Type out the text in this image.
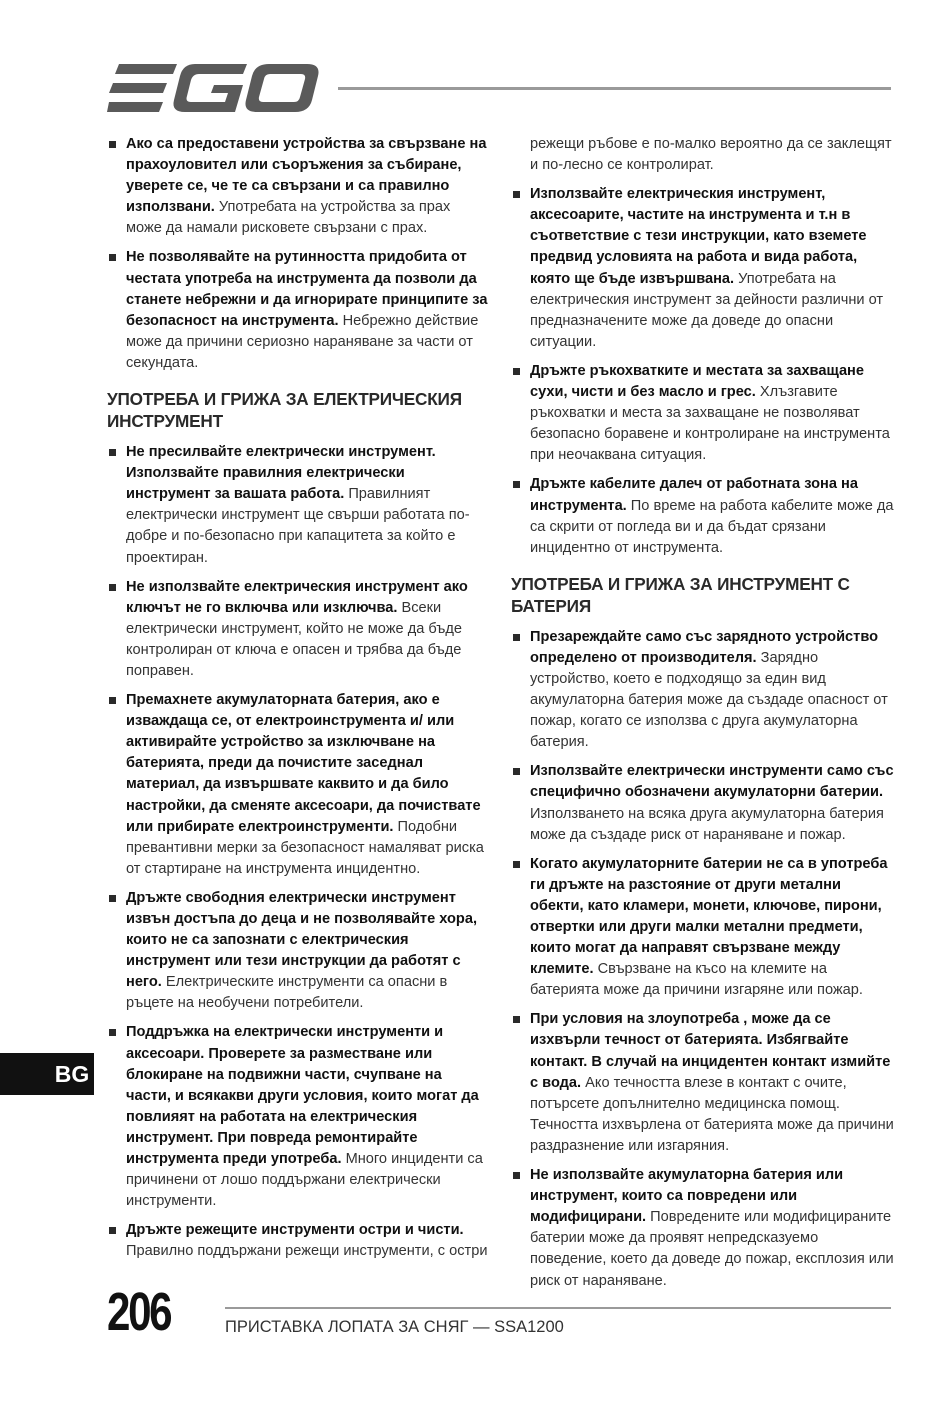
Ако са предоставени устройства за свързване на прахоуловител или съоръжения за събиране, уверете се, че те са свързани и са правилно използвани. Употребата на устройства за прах може да намали рисковете свързани с прах.
Не позволявайте на рутинността придобита от честата употреба на инструмента да позволи да станете небрежни и да игнорирате принципите за безопасност на инструмента. Небрежно действие може да причини сериозно нараняване за части от секундата.
УПОТРЕБА И ГРИЖА ЗА ЕЛЕКТРИЧЕСКИЯ ИНСТРУМЕНТ
Не пресилвайте електрически инструмент. Използвайте правилния електрически инструмент за вашата работа. Правилният електрически инструмент ще свърши работата по-добре и по-безопасно при капацитета за който е проектиран.
Не използвайте електрическия инструмент ако ключът не го включва или изключва. Всеки електрически инструмент, който не може да бъде контролиран от ключа е опасен и трябва да бъде поправен.
Премахнете акумулаторната батерия, ако е изваждаща се, от електроинструмента и/ или активирайте устройство за изключване на батерията, преди да почистите заседнал материал, да извършвате каквито и да било настройки, да сменяте аксесоари, да почиствате или прибирате електроинструменти. Подобни превантивни мерки за безопасност намаляват риска от стартиране на инструмента инцидентно.
Дръжте свободния електрически инструмент извън достъпа до деца и не позволявайте хора, които не са запознати с електрическия инструмент или тези инструкции да работят с него. Електрическите инструменти са опасни в ръцете на необучени потребители.
Поддръжка на електрически инструменти и аксесоари. Проверете за разместване или блокиране на подвижни части, счупване на части, и всякакви други условия, които могат да повлияят на работата на електрическия инструмент. При повреда ремонтирайте инструмента преди употреба. Много инциденти са причинени от лошо поддържани електрически инструменти.
Дръжте режещите инструменти остри и чисти. Правилно поддържани режещи инструменти, с остри

режещи ръбове е по-малко вероятно да се заклещят и по-лесно се контролират.

Използвайте електрическия инструмент, аксесоарите, частите на инструмента и т.н в съответствие с тези инструкции, като вземете предвид условията на работа и вида работа, която ще бъде извършвана. Употребата на електрическия инструмент за дейности различни от предназначените може да доведе до опасни ситуации.
Дръжте ръкохватките и местата за захващане сухи, чисти и без масло и грес. Хлъзгавите ръкохватки и места за захващане не позволяват безопасно боравене и контролиране на инструмента при неочаквана ситуация.
Дръжте кабелите далеч от работната зона на инструмента. По време на работа кабелите може да са скрити от погледа ви и да бъдат срязани инцидентно от инструмента.
УПОТРЕБА И ГРИЖА ЗА ИНСТРУМЕНТ С БАТЕРИЯ
Презареждайте само със зарядното устройство определено от производителя. Зарядно устройство, което е подходящо за един вид акумулаторна батерия може да създаде опасност от пожар, когато се използва с друга акумулаторна батерия.
Използвайте електрически инструменти само със специфично обозначени акумулаторни батерии. Използването на всяка друга акумулаторна батерия може да създаде риск от нараняване и пожар.
Когато акумулаторните батерии не са в употреба ги дръжте на разстояние от други метални обекти, като кламери, монети, ключове, пирони, отвертки или други малки метални предмети, които могат да направят свързване между клемите. Свързване на късо на клемите на батерията може да причини изгаряне или пожар.
При условия на злоупотреба , може да се изхвърли течност от батерията. Избягвайте контакт. В случай на инцидентен контакт измийте с вода. Ако течността влезе в контакт с очите, потърсете допълнително медицинска помощ. Течността изхвърлена от батерията може да причини раздразнение или изгаряния.
Не използвайте акумулаторна батерия или инструмент, които са повредени или модифицирани. Повредените или модифицираните батерии може да проявят непредсказуемо поведение, което да доведе до пожар, експлозия или риск от нараняване.
BG
206	ПРИСТАВКА ЛОПАТА ЗА СНЯГ — SSA1200
